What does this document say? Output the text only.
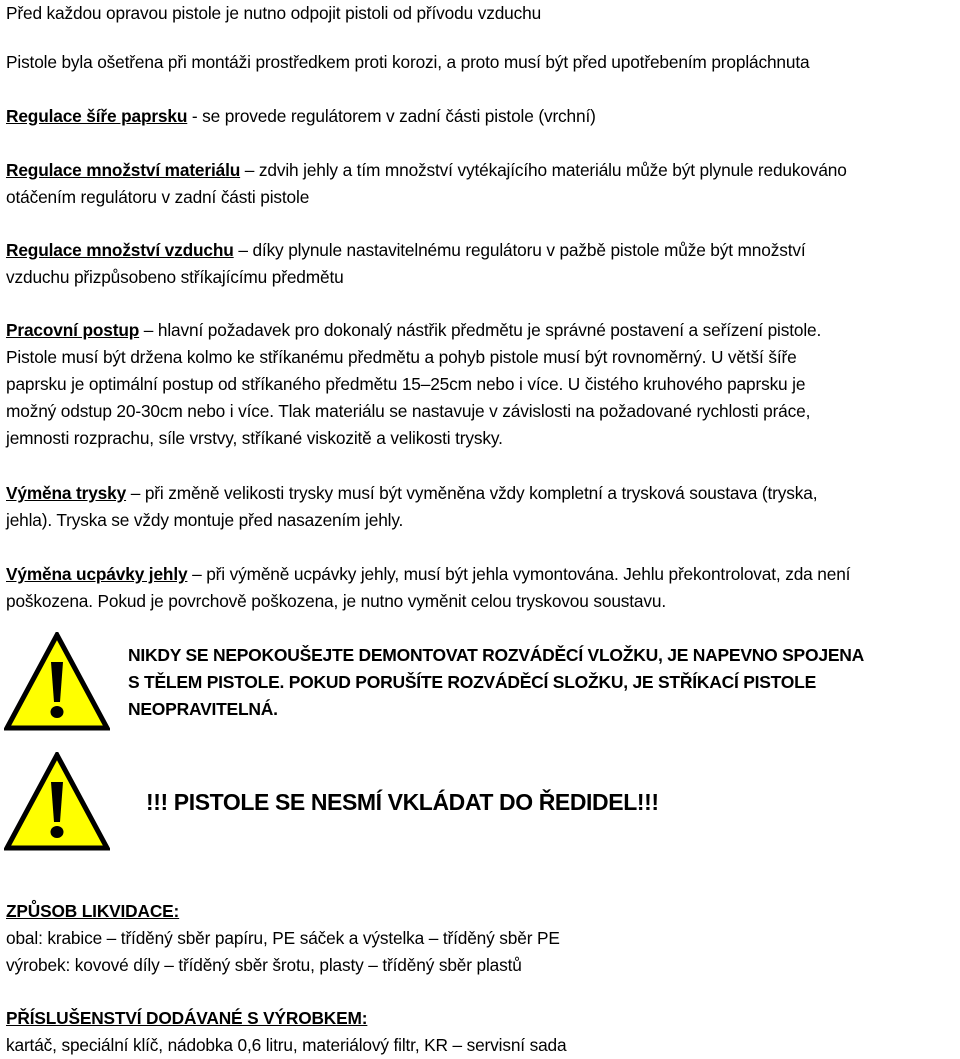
Před každou opravou pistole je nutno odpojit pistoli od přívodu vzduchu
Pistole byla ošetřena při montáži prostředkem proti korozi, a proto musí být před upotřebením propláchnuta
Regulace šíře paprsku - se provede regulátorem v zadní části pistole (vrchní)
Regulace množství materiálu – zdvih jehly a tím množství vytékajícího materiálu může být plynule redukováno
otáčením regulátoru v zadní části pistole
Regulace množství vzduchu – díky plynule nastavitelnému regulátoru v pažbě pistole může být množství
vzduchu přizpůsobeno stříkajícímu předmětu
Pracovní postup – hlavní požadavek pro dokonalý nástřik předmětu je správné postavení a seřízení pistole.
Pistole musí být držena kolmo ke stříkanému předmětu a pohyb pistole musí být rovnoměrný. U větší šíře
paprsku je optimální postup od stříkaného předmětu 15–25cm nebo i více. U čistého kruhového paprsku je
možný odstup 20-30cm nebo i více. Tlak materiálu se nastavuje v závislosti na požadované rychlosti práce,
jemnosti rozprachu, síle vrstvy, stříkané viskozitě a velikosti trysky.
Výměna trysky – při změně velikosti trysky musí být vyměněna vždy kompletní a trysková soustava (tryska,
jehla). Tryska se vždy montuje před nasazením jehly.
Výměna ucpávky jehly – při výměně ucpávky jehly, musí být jehla vymontována. Jehlu překontrolovat, zda není
poškozena. Pokud je povrchově poškozena, je nutno vyměnit celou tryskovou soustavu.
NIKDY SE NEPOKOUŠEJTE DEMONTOVAT ROZVÁDĚCÍ VLOŽKU, JE NAPEVNO SPOJENA
S TĚLEM PISTOLE. POKUD PORUŠÍTE ROZVÁDĚCÍ SLOŽKU, JE STŘÍKACÍ PISTOLE
NEOPRAVITELNÁ.
!!! PISTOLE SE NESMÍ VKLÁDAT DO ŘEDIDEL!!!
ZPŮSOB LIKVIDACE:
obal: krabice – tříděný sběr papíru, PE sáček a výstelka – tříděný sběr PE
výrobek: kovové díly – tříděný sběr šrotu, plasty – tříděný sběr plastů
PŘÍSLUŠENSTVÍ DODÁVANÉ S VÝROBKEM:
kartáč, speciální klíč, nádobka 0,6 litru, materiálový filtr, KR – servisní sada
